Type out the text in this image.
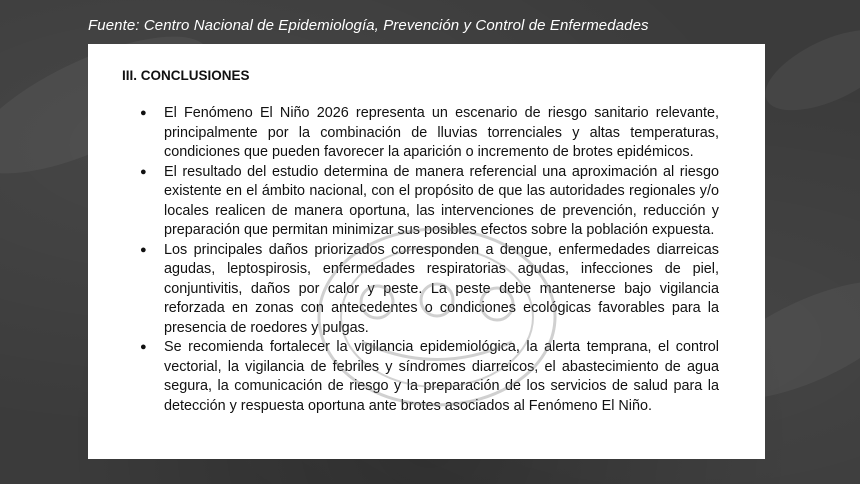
Fuente: Centro Nacional de Epidemiología, Prevención y Control de Enfermedades
III. CONCLUSIONES
● El Fenómeno El Niño 2026 representa un escenario de riesgo sanitario relevante, principalmente por la combinación de lluvias torrenciales y altas temperaturas, condiciones que pueden favorecer la aparición o incremento de brotes epidémicos.
● El resultado del estudio determina de manera referencial una aproximación al riesgo existente en el ámbito nacional, con el propósito de que las autoridades regionales y/o locales realicen de manera oportuna, las intervenciones de prevención, reducción y preparación que permitan minimizar sus posibles efectos sobre la población expuesta.
● Los principales daños priorizados corresponden a dengue, enfermedades diarreicas agudas, leptospirosis, enfermedades respiratorias agudas, infecciones de piel, conjuntivitis, daños por calor y peste. La peste debe mantenerse bajo vigilancia reforzada en zonas con antecedentes o condiciones ecológicas favorables para la presencia de roedores y pulgas.
● Se recomienda fortalecer la vigilancia epidemiológica, la alerta temprana, el control vectorial, la vigilancia de febriles y síndromes diarreicos, el abastecimiento de agua segura, la comunicación de riesgo y la preparación de los servicios de salud para la detección y respuesta oportuna ante brotes asociados al Fenómeno El Niño.
